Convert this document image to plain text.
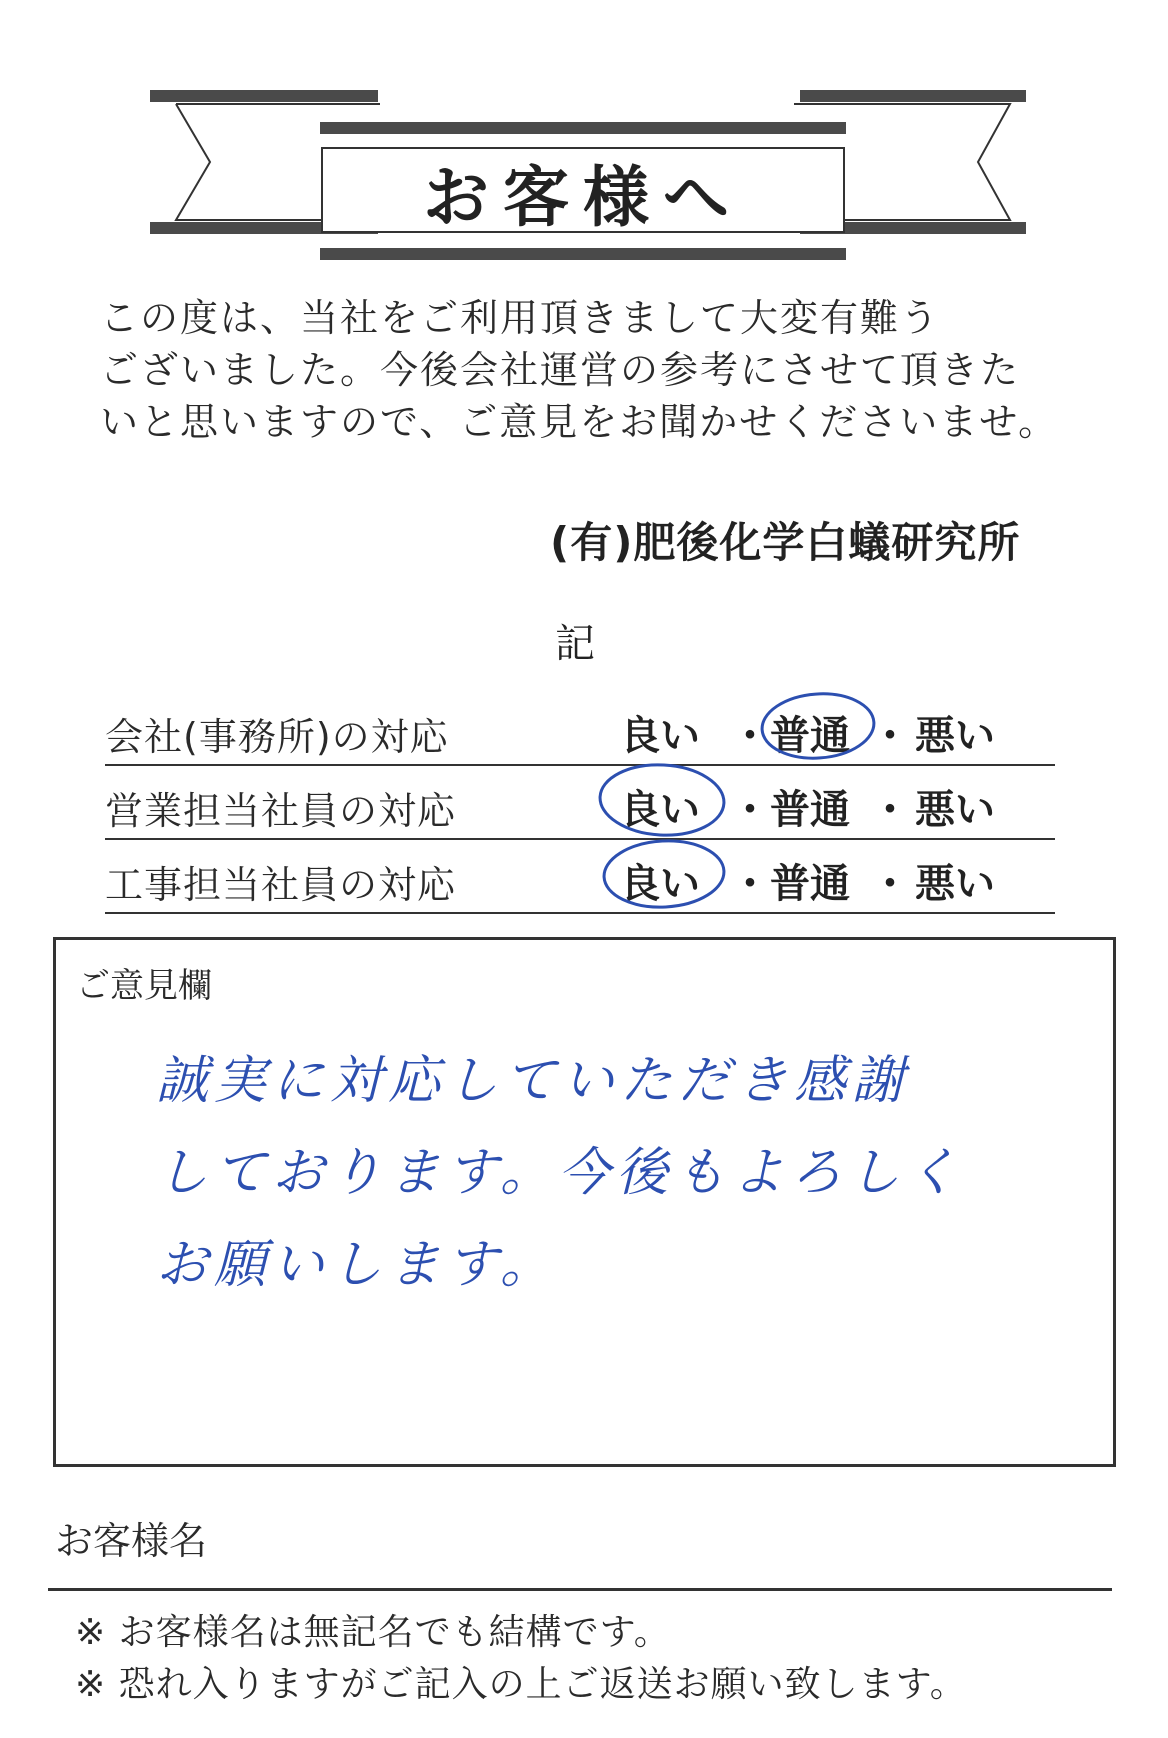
お客様へ
この度は、当社をご利用頂きまして大変有難う
ございました。今後会社運営の参考にさせて頂きた
いと思いますので、ご意見をお聞かせくださいませ。
(有)肥後化学白蟻研究所
記
会社(事務所)の対応	良い ・ 普通 ・ 悪い
営業担当社員の対応	良い ・ 普通 ・ 悪い
工事担当社員の対応	良い ・ 普通 ・ 悪い
ご意見欄
誠実に対応していただき感謝
しております。今後もよろしく
お願いします。
お客様名
※ お客様名は無記名でも結構です。
※ 恐れ入りますがご記入の上ご返送お願い致します。
